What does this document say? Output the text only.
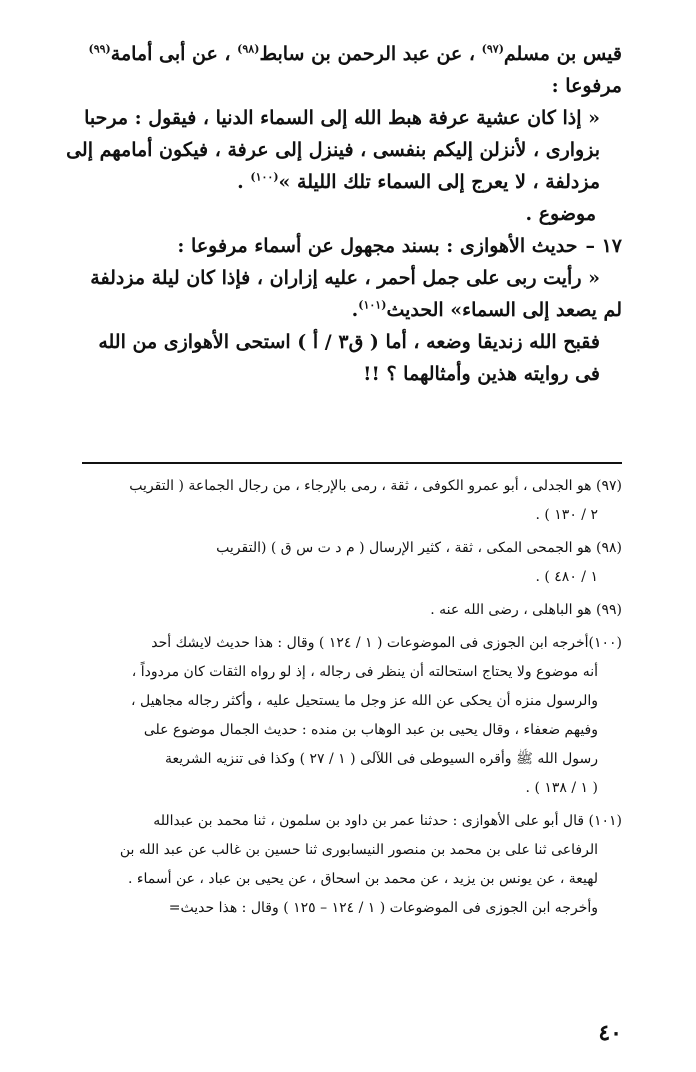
قيس بن مسلم$^{(٩٧)}$ ، عن عبد الرحمن بن سابط$^{(٩٨)}$ ، عن أبى أمامة$^{(٩٩)}$
مرفوعا :

« إذا كان عشية عرفة هبط الله إلى السماء الدنيا ، فيقول : مرحبا
بزوارى ، لأنزلن إليكم بنفسى ، فينزل إلى عرفة ، فيكون أمامهم إلى
مزدلفة ، لا يعرج إلى السماء تلك الليلة »$^{(١٠٠)}$ .

موضوع .

١٧ –حديث الأهوازى : بسند مجهول عن أسماء مرفوعا :

« رأيت ربى على جمل أحمر ، عليه إزاران ، فإذا كان ليلة مزدلفة

لم يصعد إلى السماء» الحديث$^{(١٠١)}$.

فقبح الله زنديقا وضعه ، أما ( ق٣ / أ ) استحى الأهوازى من الله
فى روايته هذين وأمثالهما ؟ !!

(٩٧) هو الجدلى ، أبو عمرو الكوفى ، ثقة ، رمى بالإرجاء ، من رجال الجماعة ( التقريب
٢ / ١٣٠ ) .
(٩٨) هو الجمحى المكى ، ثقة ، كثير الإرسال ( م د ت س ق ) (التقريب
١ / ٤٨٠ ) .
(٩٩) هو الباهلى ، رضى الله عنه .
(١٠٠)أخرجه ابن الجوزى فى الموضوعات ( ١ / ١٢٤ ) وقال : هذا حديث لايشك أحد
أنه موضوع ولا يحتاج استحالته أن ينظر فى رجاله ، إذ لو رواه الثقات كان مردوداً ،
والرسول منزه أن يحكى عن الله عز وجل ما يستحيل عليه ، وأكثر رجاله مجاهيل ،
وفيهم ضعفاء ، وقال يحيى بن عبد الوهاب بن منده : حديث الجمال موضوع على
رسول الله ﷺ وأقره السيوطى فى اللآلى ( ١ / ٢٧ ) وكذا فى تنزيه الشريعة
( ١ / ١٣٨ ) .
(١٠١) قال أبو على الأهوازى : حدثنا عمر بن داود بن سلمون ، ثنا محمد بن عبدالله
الرفاعى ثنا على بن محمد بن منصور النيسابورى ثنا حسين بن غالب عن عبد الله بن
لهيعة ، عن يونس بن يزيد ، عن محمد بن اسحاق ، عن يحيى بن عباد ، عن أسماء .
وأخرجه ابن الجوزى فى الموضوعات ( ١ / ١٢٤ – ١٢٥ ) وقال : هذا حديث=
٤٠
